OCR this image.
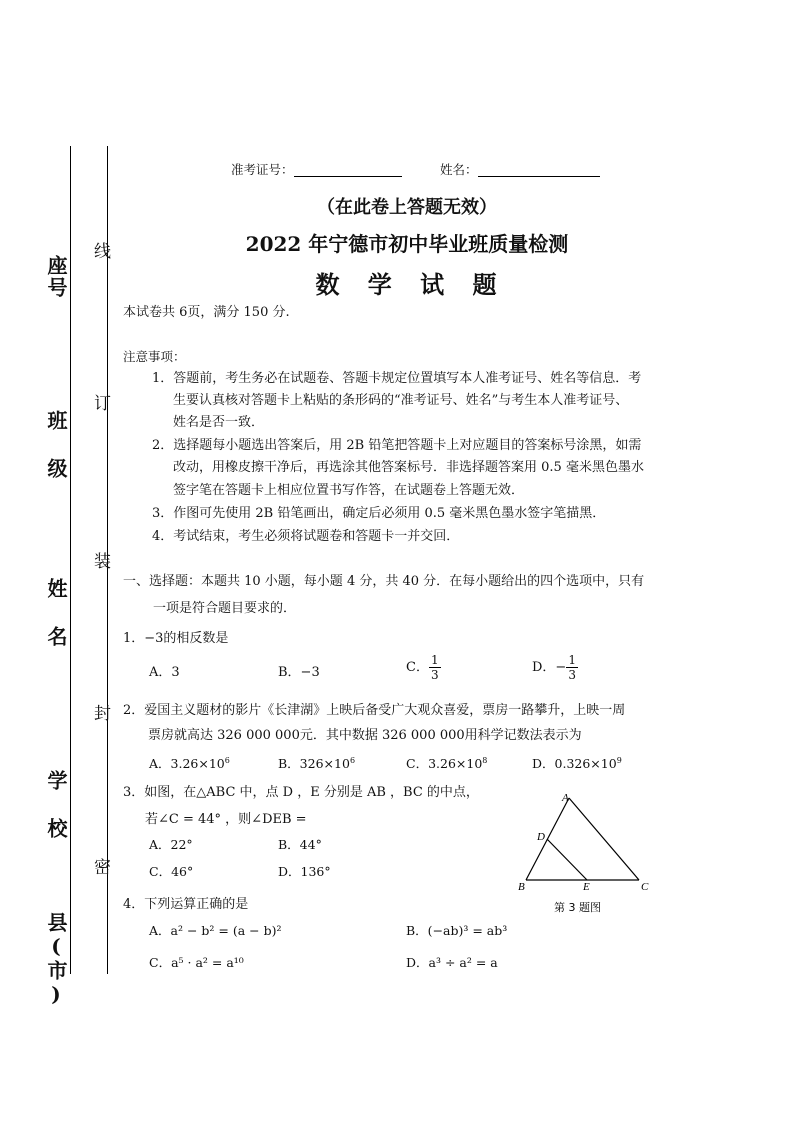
县(市)
学 校
姓 名
班 级
座号
线
订
装
封
密
准考证号：	姓名：
（在此卷上答题无效）
2022 年宁德市初中毕业班质量检测
数 学 试 题
本试卷共 6页，满分 150 分.
注意事项：
1．答题前，考生务必在试题卷、答题卡规定位置填写本人准考证号、姓名等信息．考
生要认真核对答题卡上粘贴的条形码的“准考证号、姓名”与考生本人准考证号、
姓名是否一致．
2．选择题每小题选出答案后，用 2B 铅笔把答题卡上对应题目的答案标号涂黑，如需
改动，用橡皮擦干净后，再选涂其他答案标号．非选择题答案用 0.5 毫米黑色墨水
签字笔在答题卡上相应位置书写作答，在试题卷上答题无效．
3．作图可先使用 2B 铅笔画出，确定后必须用 0.5 毫米黑色墨水签字笔描黑．
4．考试结束，考生必须将试题卷和答题卡一并交回．
一、选择题：本题共 10 小题，每小题 4 分，共 40 分．在每小题给出的四个选项中，只有
一项是符合题目要求的．
1．−3的相反数是
A．3	B．−3	C． $\frac{1}{3}$	D．− $\frac{1}{3}$
2．爱国主义题材的影片《长津湖》上映后备受广大观众喜爱，票房一路攀升，上映一周
票房就高达 326 000 000元．其中数据 326 000 000用科学记数法表示为
A．$3.26\times 10^6$	B．$326\times 10^6$	C．$3.26\times 10^8$	D．$0.326\times 10^9$
3．如图，在△ABC 中，点 D ，E 分别是 AB ，BC 的中点，
若∠C = 44° ，则∠DEB =
A．22°	B．44°
C．46°	D．136°
A
D
B	E	C
第 3 题图
4．下列运算正确的是
A．a² − b² = (a − b)²	B．(−ab)³ = ab³
C．a⁵ · a² = a¹⁰	D．a³ ÷ a² = a
